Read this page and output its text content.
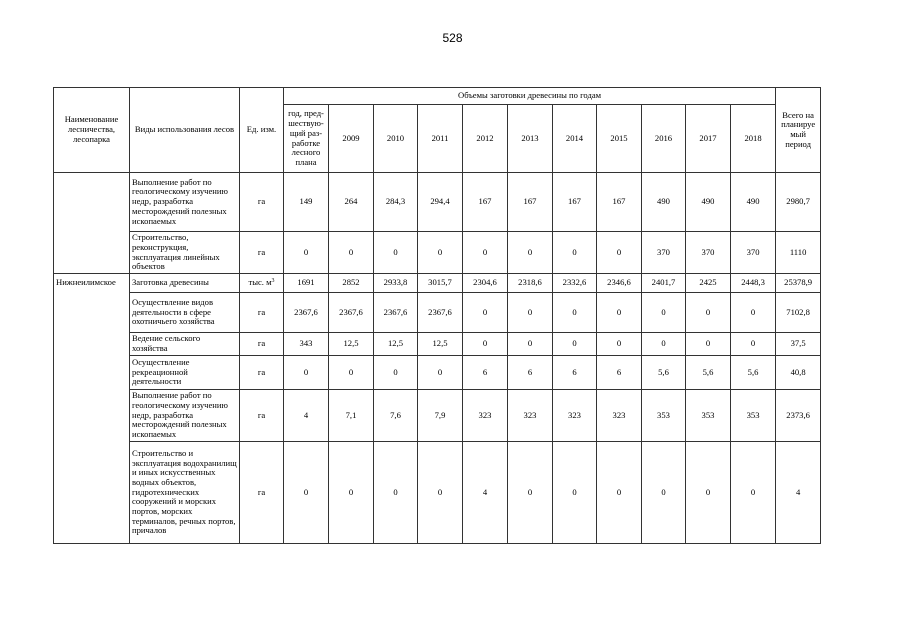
528
Наименование лесничества, лесопарка	Виды использования лесов	Ед. изм.	Объемы заготовки древесины по годам											Всего на планируе мый период
			год, пред-шествую-щий раз-работке лесного плана	2009	2010	2011	2012	2013	2014	2015	2016	2017	2018	
	Выполнение работ по геологическому изучению недр, разработка месторождений полезных ископаемых	га	149	264	284,3	294,4	167	167	167	167	490	490	490	2980,7
	Строительство, реконструкция, эксплуатация линейных объектов	га	0	0	0	0	0	0	0	0	370	370	370	1110
Нижнеилимское	Заготовка древесины	тыс. $м^3$	1691	2852	2933,8	3015,7	2304,6	2318,6	2332,6	2346,6	2401,7	2425	2448,3	25378,9
	Осуществление видов деятельности в сфере охотничьего хозяйства	га	2367,6	2367,6	2367,6	2367,6	0	0	0	0	0	0	0	7102,8
	Ведение сельского хозяйства	га	343	12,5	12,5	12,5	0	0	0	0	0	0	0	37,5
	Осуществление рекреационной деятельности	га	0	0	0	0	6	6	6	6	5,6	5,6	5,6	40,8
	Выполнение работ по геологическому изучению недр, разработка месторождений полезных ископаемых	га	4	7,1	7,6	7,9	323	323	323	323	353	353	353	2373,6
	Строительство и эксплуатация водохранилищ и иных искусственных водных объектов, гидротехнических сооружений и морских портов, морских терминалов, речных портов, причалов	га	0	0	0	0	4	0	0	0	0	0	0	4
